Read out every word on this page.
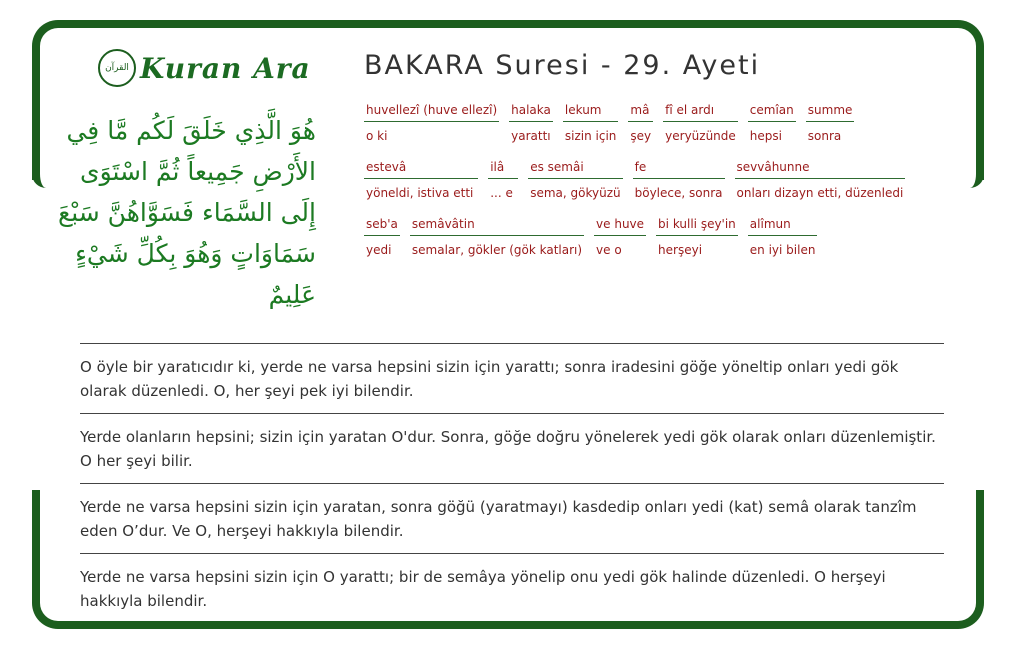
القرآن Kuran Ara
هُوَ الَّذِي خَلَقَ لَكُم مَّا فِي الأَرْضِ جَمِيعاً ثُمَّ اسْتَوَى إِلَى السَّمَاء فَسَوَّاهُنَّ سَبْعَ سَمَاوَاتٍ وَهُوَ بِكُلِّ شَيْءٍ عَلِيمٌ
BAKARA Suresi - 29. Ayeti
huvellezî (huve ellezî)
o ki
halaka
yarattı
lekum
sizin için
mâ
şey
fî el ardı
yeryüzünde
cemîan
hepsi
summe
sonra
estevâ
yöneldi, istiva etti
ilâ
... e
es semâi
sema, gökyüzü
fe
böylece, sonra
sevvâhunne
onları dizayn etti, düzenledi
seb'a
yedi
semâvâtin
semalar, gökler (gök katları)
ve huve
ve o
bi kulli şey'in
herşeyi
alîmun
en iyi bilen
O öyle bir yaratıcıdır ki, yerde ne varsa hepsini sizin için yarattı; sonra iradesini göğe yöneltip onları yedi gök olarak düzenledi. O, her şeyi pek iyi bilendir.
Yerde olanların hepsini; sizin için yaratan O'dur. Sonra, göğe doğru yönelerek yedi gök olarak onları düzenlemiştir. O her şeyi bilir.
Yerde ne varsa hepsini sizin için yaratan, sonra göğü (yaratmayı) kasdedip onları yedi (kat) semâ olarak tanzîm eden O’dur. Ve O, herşeyi hakkıyla bilendir.
Yerde ne varsa hepsini sizin için O yarattı; bir de semâya yönelip onu yedi gök halinde düzenledi. O herşeyi hakkıyla bilendir.
